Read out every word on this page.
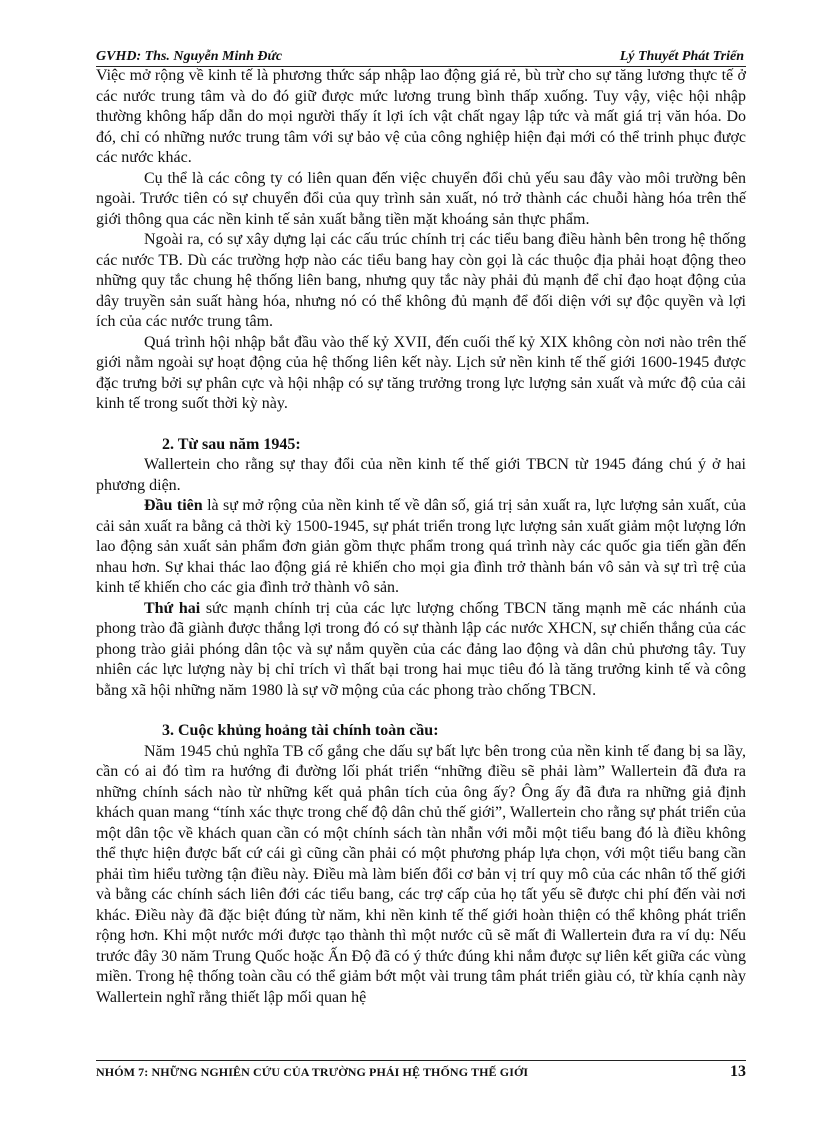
GVHD: Ths. Nguyễn Minh Đức	Lý Thuyết Phát Triển

Việc mở rộng về kinh tế là phương thức sáp nhập lao động giá rẻ, bù trừ cho sự tăng lương thực tế ở các nước trung tâm và do đó giữ được mức lương trung bình thấp xuống. Tuy vậy, việc hội nhập thường không hấp dẫn do mọi người thấy ít lợi ích vật chất ngay lập tức và mất giá trị văn hóa. Do đó, chỉ có những nước trung tâm với sự bảo vệ của công nghiệp hiện đại mới có thể trinh phục được các nước khác.

Cụ thể là các công ty có liên quan đến việc chuyển đổi chủ yếu sau đây vào môi trường bên ngoài. Trước tiên có sự chuyển đổi của quy trình sản xuất, nó trở thành các chuỗi hàng hóa trên thế giới thông qua các nền kinh tế sản xuất bằng tiền mặt khoáng sản thực phẩm.

Ngoài ra, có sự xây dựng lại các cấu trúc chính trị các tiểu bang điều hành bên trong hệ thống các nước TB. Dù các trường hợp nào các tiểu bang hay còn gọi là các thuộc địa phải hoạt động theo những quy tắc chung hệ thống liên bang, nhưng quy tắc này phải đủ mạnh để chỉ đạo hoạt động của dây truyền sản suất hàng hóa, nhưng nó có thể không đủ mạnh để đối diện với sự độc quyền và lợi ích của các nước trung tâm.

Quá trình hội nhập bắt đầu vào thế kỷ XVII, đến cuối thế kỷ XIX không còn nơi nào trên thế giới nằm ngoài sự hoạt động của hệ thống liên kết này. Lịch sử nền kinh tế thế giới 1600-1945 được đặc trưng bởi sự phân cực và hội nhập có sự tăng trưởng trong lực lượng sản xuất và mức độ của cải kinh tế trong suốt thời kỳ này.

2. Từ sau năm 1945:

Wallertein cho rằng sự thay đổi của nền kinh tế thế giới TBCN từ 1945 đáng chú ý ở hai phương diện.

Đầu tiên là sự mở rộng của nền kinh tế về dân số, giá trị sản xuất ra, lực lượng sản xuất, của cải sản xuất ra bằng cả thời kỳ 1500-1945, sự phát triển trong lực lượng sản xuất giảm một lượng lớn lao động sản xuất sản phẩm đơn giản gồm thực phẩm trong quá trình này các quốc gia tiến gần đến nhau hơn. Sự khai thác lao động giá rẻ khiến cho mọi gia đình trở thành bán vô sản và sự trì trệ của kinh tế khiến cho các gia đình trở thành vô sản.

Thứ hai sức mạnh chính trị của các lực lượng chống TBCN tăng mạnh mẽ các nhánh của phong trào đã giành được thắng lợi trong đó có sự thành lập các nước XHCN, sự chiến thắng của các phong trào giải phóng dân tộc và sự nắm quyền của các đảng lao động và dân chủ phương tây. Tuy nhiên các lực lượng này bị chỉ trích vì thất bại trong hai mục tiêu đó là tăng trưởng kinh tế và công bằng xã hội những năm 1980 là sự vỡ mộng của các phong trào chống TBCN.

3. Cuộc khủng hoảng tài chính toàn cầu:

Năm 1945 chủ nghĩa TB cố gắng che dấu sự bất lực bên trong của nền kinh tế đang bị sa lầy, cần có ai đó tìm ra hướng đi đường lối phát triển “những điều sẽ phải làm” Wallertein đã đưa ra những chính sách nào từ những kết quả phân tích của ông ấy? Ông ấy đã đưa ra những giả định khách quan mang “tính xác thực trong chế độ dân chủ thế giới”, Wallertein cho rằng sự phát triển của một dân tộc về khách quan cần có một chính sách tàn nhẫn với mỗi một tiểu bang đó là điều không thể thực hiện được bất cứ cái gì cũng cần phải có một phương pháp lựa chọn, với một tiểu bang cần phải tìm hiểu tường tận điều này. Điều mà làm biến đổi cơ bản vị trí quy mô của các nhân tố thế giới và bằng các chính sách liên đới các tiểu bang, các trợ cấp của họ tất yếu sẽ được chi phí đến vài nơi khác. Điều này đã đặc biệt đúng từ năm, khi nền kinh tế thế giới hoàn thiện có thể không phát triển rộng hơn. Khi một nước mới được tạo thành thì một nước cũ sẽ mất đi Wallertein đưa ra ví dụ: Nếu trước đây 30 năm Trung Quốc hoặc Ấn Độ đã có ý thức đúng khi nắm được sự liên kết giữa các vùng miền. Trong hệ thống toàn cầu có thể giảm bớt một vài trung tâm phát triển giàu có, từ khía cạnh này Wallertein nghĩ rằng thiết lập mối quan hệ

NHÓM 7: NHỮNG NGHIÊN CỨU CỦA TRƯỜNG PHÁI HỆ THỐNG THẾ GIỚI	13
